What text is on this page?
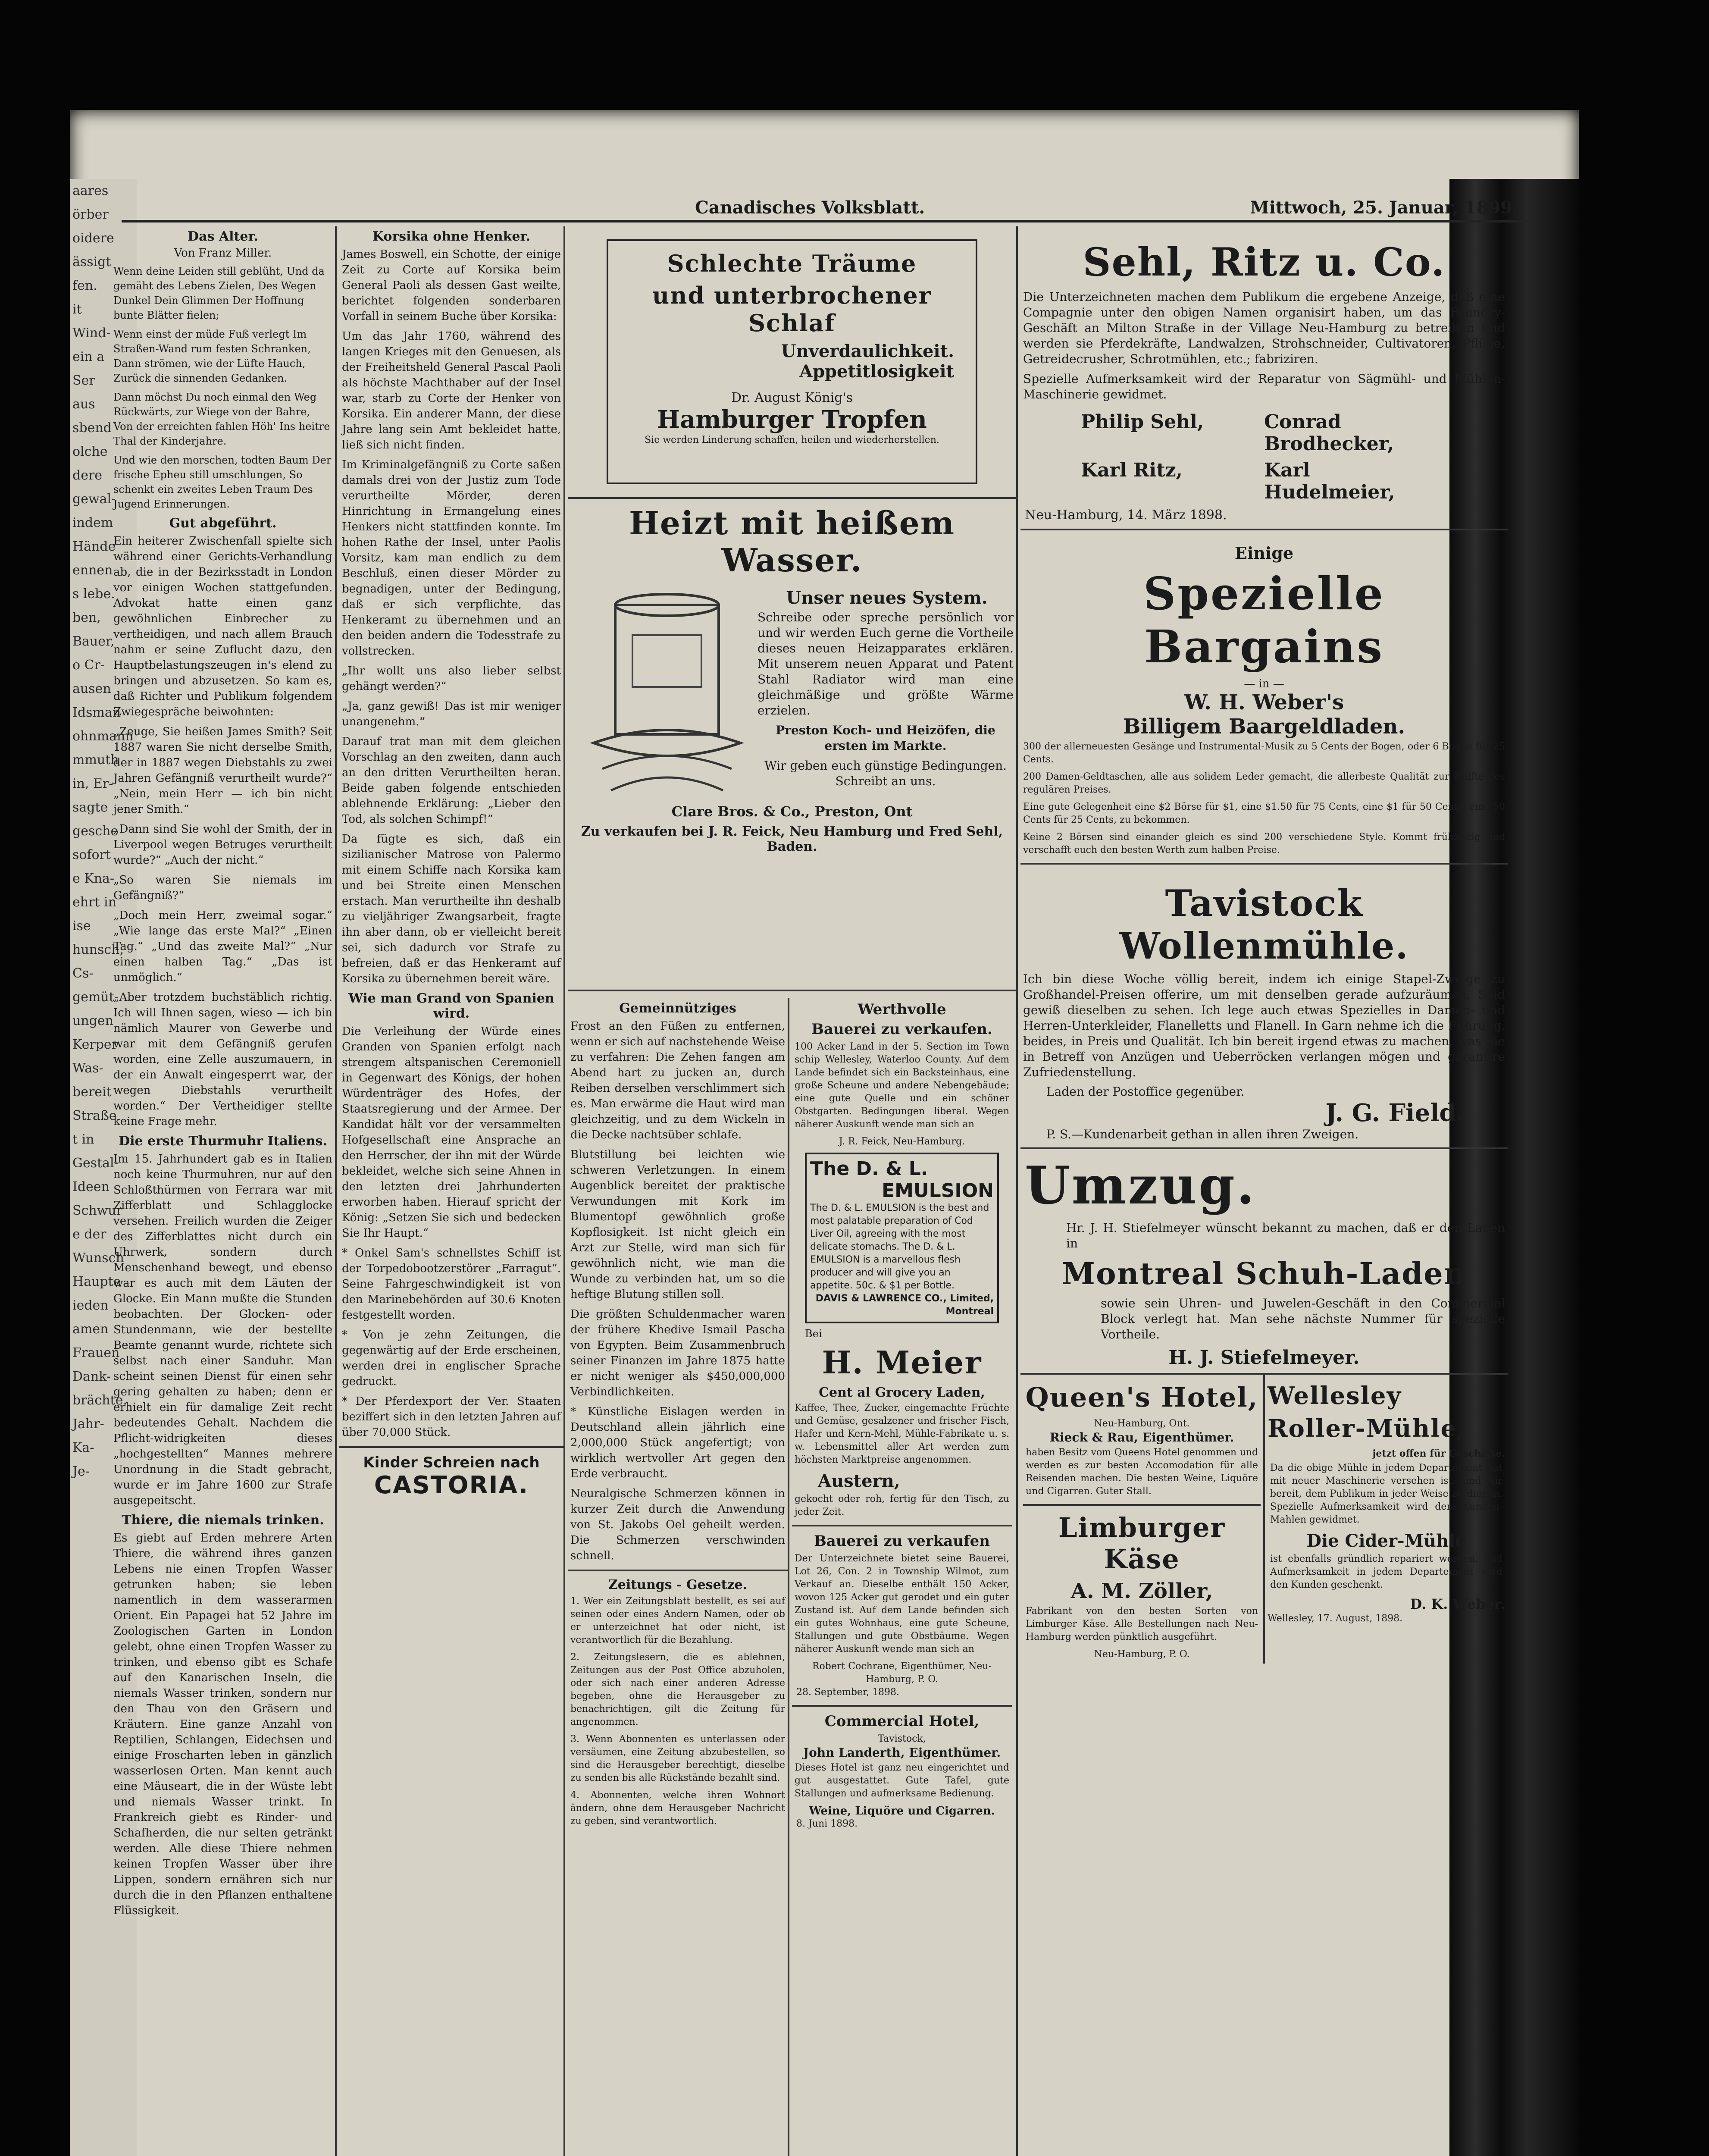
aares
örber
oidere
ässigt
fen.
it
Wind-
ein a
Ser
aus
sbend
olche
dere
gewal-
indem
Hände
ennen
s lebe.
ben,
Bauer,
o Cr-
ausen
Idsman
ohnmann
mmuth
in, Er-
sagte
gesche
sofort
e Kna-
ehrt in
ise
hunsch,
Cs-
gemüt-
ungen
Kerper
Was-
bereit
Straße
t in
Gestal-
Ideen
Schwur
e der
Wunsch
Haupte
ieden
amen
Frauen
Dank-
brächte.
Jahr-
Ka-
Je-
Canadisches Volksblatt.	Mittwoch, 25. Januar, 1899.
Das Alter.
Von Franz Miller.

Wenn deine Leiden still geblüht, Und da gemäht des Lebens Zielen, Des Wegen Dunkel Dein Glimmen Der Hoffnung bunte Blätter fielen;

Wenn einst der müde Fuß verlegt Im Straßen-Wand rum festen Schranken, Dann strömen, wie der Lüfte Hauch, Zurück die sinnenden Gedanken.

Dann möchst Du noch einmal den Weg Rückwärts, zur Wiege von der Bahre, Von der erreichten fahlen Höh' Ins heitre Thal der Kinderjahre.

Und wie den morschen, todten Baum Der frische Epheu still umschlungen, So schenkt ein zweites Leben Traum Des Jugend Erinnerungen.

Gut abgeführt.

Ein heiterer Zwischenfall spielte sich während einer Gerichts-Verhandlung ab, die in der Bezirksstadt in London vor einigen Wochen stattgefunden. Advokat hatte einen ganz gewöhnlichen Einbrecher zu vertheidigen, und nach allem Brauch nahm er seine Zuflucht dazu, den Hauptbelastungszeugen in's elend zu bringen und abzusetzen. So kam es, daß Richter und Publikum folgendem Zwiegespräche beiwohnten:

„Zeuge, Sie heißen James Smith? Seit 1887 waren Sie nicht derselbe Smith, der in 1887 wegen Diebstahls zu zwei Jahren Gefängniß verurtheilt wurde?“ „Nein, mein Herr — ich bin nicht jener Smith.“

„Dann sind Sie wohl der Smith, der in Liverpool wegen Betruges verurtheilt wurde?“ „Auch der nicht.“

„So waren Sie niemals im Gefängniß?“

„Doch mein Herr, zweimal sogar.“ „Wie lange das erste Mal?“ „Einen Tag.“ „Und das zweite Mal?“ „Nur einen halben Tag.“ „Das ist unmöglich.“

„Aber trotzdem buchstäblich richtig. Ich will Ihnen sagen, wieso — ich bin nämlich Maurer von Gewerbe und war mit dem Gefängniß gerufen worden, eine Zelle auszumauern, in der ein Anwalt eingesperrt war, der wegen Diebstahls verurtheilt worden.“ Der Vertheidiger stellte keine Frage mehr.

Die erste Thurmuhr Italiens.

Im 15. Jahrhundert gab es in Italien noch keine Thurmuhren, nur auf den Schloßthürmen von Ferrara war mit Zifferblatt und Schlagglocke versehen. Freilich wurden die Zeiger des Zifferblattes nicht durch ein Uhrwerk, sondern durch Menschenhand bewegt, und ebenso war es auch mit dem Läuten der Glocke. Ein Mann mußte die Stunden beobachten. Der Glocken- oder Stundenmann, wie der bestellte Beamte genannt wurde, richtete sich selbst nach einer Sanduhr. Man scheint seinen Dienst für einen sehr gering gehalten zu haben; denn er erhielt ein für damalige Zeit recht bedeutendes Gehalt. Nachdem die Pflicht-widrigkeiten dieses „hochgestellten“ Mannes mehrere Unordnung in die Stadt gebracht, wurde er im Jahre 1600 zur Strafe ausgepeitscht.

Thiere, die niemals trinken.

Es giebt auf Erden mehrere Arten Thiere, die während ihres ganzen Lebens nie einen Tropfen Wasser getrunken haben; sie leben namentlich in dem wasserarmen Orient. Ein Papagei hat 52 Jahre im Zoologischen Garten in London gelebt, ohne einen Tropfen Wasser zu trinken, und ebenso gibt es Schafe auf den Kanarischen Inseln, die niemals Wasser trinken, sondern nur den Thau von den Gräsern und Kräutern. Eine ganze Anzahl von Reptilien, Schlangen, Eidechsen und einige Froscharten leben in gänzlich wasserlosen Orten. Man kennt auch eine Mäuseart, die in der Wüste lebt und niemals Wasser trinkt. In Frankreich giebt es Rinder- und Schafherden, die nur selten getränkt werden. Alle diese Thiere nehmen keinen Tropfen Wasser über ihre Lippen, sondern ernähren sich nur durch die in den Pflanzen enthaltene Flüssigkeit.

Korsika ohne Henker.

James Boswell, ein Schotte, der einige Zeit zu Corte auf Korsika beim General Paoli als dessen Gast weilte, berichtet folgenden sonderbaren Vorfall in seinem Buche über Korsika:

Um das Jahr 1760, während des langen Krieges mit den Genuesen, als der Freiheitsheld General Pascal Paoli als höchste Machthaber auf der Insel war, starb zu Corte der Henker von Korsika. Ein anderer Mann, der diese Jahre lang sein Amt bekleidet hatte, ließ sich nicht finden.

Im Kriminalgefängniß zu Corte saßen damals drei von der Justiz zum Tode verurtheilte Mörder, deren Hinrichtung in Ermangelung eines Henkers nicht stattfinden konnte. Im hohen Rathe der Insel, unter Paolis Vorsitz, kam man endlich zu dem Beschluß, einen dieser Mörder zu begnadigen, unter der Bedingung, daß er sich verpflichte, das Henkeramt zu übernehmen und an den beiden andern die Todesstrafe zu vollstrecken.

„Ihr wollt uns also lieber selbst gehängt werden?“

„Ja, ganz gewiß! Das ist mir weniger unangenehm.“

Darauf trat man mit dem gleichen Vorschlag an den zweiten, dann auch an den dritten Verurtheilten heran. Beide gaben folgende entschieden ablehnende Erklärung: „Lieber den Tod, als solchen Schimpf!“

Da fügte es sich, daß ein sizilianischer Matrose von Palermo mit einem Schiffe nach Korsika kam und bei Streite einen Menschen erstach. Man verurtheilte ihn deshalb zu vieljähriger Zwangsarbeit, fragte ihn aber dann, ob er vielleicht bereit sei, sich dadurch vor Strafe zu befreien, daß er das Henkeramt auf Korsika zu übernehmen bereit wäre.

Wie man Grand von Spanien wird.

Die Verleihung der Würde eines Granden von Spanien erfolgt nach strengem altspanischen Ceremoniell in Gegenwart des Königs, der hohen Würdenträger des Hofes, der Staatsregierung und der Armee. Der Kandidat hält vor der versammelten Hofgesellschaft eine Ansprache an den Herrscher, der ihn mit der Würde bekleidet, welche sich seine Ahnen in den letzten drei Jahrhunderten erworben haben. Hierauf spricht der König: „Setzen Sie sich und bedecken Sie Ihr Haupt.“

* Onkel Sam's schnellstes Schiff ist der Torpedobootzerstörer „Farragut“. Seine Fahrgeschwindigkeit ist von den Marinebehörden auf 30.6 Knoten festgestellt worden.

* Von je zehn Zeitungen, die gegenwärtig auf der Erde erscheinen, werden drei in englischer Sprache gedruckt.

* Der Pferdexport der Ver. Staaten beziffert sich in den letzten Jahren auf über 70,000 Stück.

Kinder Schreien nach
CASTORIA.
Schlechte Träume
und unterbrochener Schlaf
Unverdaulichkeit.
Appetitlosigkeit
Dr. August König's
Hamburger Tropfen
Sie werden Linderung schaffen, heilen und wiederherstellen.
Heizt mit heißem Wasser.
Unser neues System.

Schreibe oder spreche persönlich vor und wir werden Euch gerne die Vortheile dieses neuen Heizapparates erklären. Mit unserem neuen Apparat und Patent Stahl Radiator wird man eine gleichmäßige und größte Wärme erzielen.

Preston Koch- und Heizöfen, die ersten im Markte.

Wir geben euch günstige Bedingungen. Schreibt an uns.

Clare Bros. & Co., Preston, Ont
Zu verkaufen bei J. R. Feick, Neu Hamburg und Fred Sehl, Baden.
Gemeinnütziges

Frost an den Füßen zu entfernen, wenn er sich auf nachstehende Weise zu verfahren: Die Zehen fangen am Abend hart zu jucken an, durch Reiben derselben verschlimmert sich es. Man erwärme die Haut wird man gleichzeitig, und zu dem Wickeln in die Decke nachtsüber schlafe.

Blutstillung bei leichten wie schweren Verletzungen. In einem Augenblick bereitet der praktische Verwundungen mit Kork im Blumentopf gewöhnlich große Kopflosigkeit. Ist nicht gleich ein Arzt zur Stelle, wird man sich für gewöhnlich nicht, wie man die Wunde zu verbinden hat, um so die heftige Blutung stillen soll.

Die größten Schuldenmacher waren der frühere Khedive Ismail Pascha von Egypten. Beim Zusammenbruch seiner Finanzen im Jahre 1875 hatte er nicht weniger als $450,000,000 Verbindlichkeiten.

* Künstliche Eislagen werden in Deutschland allein jährlich eine 2,000,000 Stück angefertigt; von wirklich wertvoller Art gegen den Erde verbraucht.

Neuralgische Schmerzen können in kurzer Zeit durch die Anwendung von St. Jakobs Oel geheilt werden. Die Schmerzen verschwinden schnell.

Zeitungs - Gesetze.

1. Wer ein Zeitungsblatt bestellt, es sei auf seinen oder eines Andern Namen, oder ob er unterzeichnet hat oder nicht, ist verantwortlich für die Bezahlung.

2. Zeitungslesern, die es ablehnen, Zeitungen aus der Post Office abzuholen, oder sich nach einer anderen Adresse begeben, ohne die Herausgeber zu benachrichtigen, gilt die Zeitung für angenommen.

3. Wenn Abonnenten es unterlassen oder versäumen, eine Zeitung abzubestellen, so sind die Herausgeber berechtigt, dieselbe zu senden bis alle Rückstände bezahlt sind.

4. Abonnenten, welche ihren Wohnort ändern, ohne dem Herausgeber Nachricht zu geben, sind verantwortlich.

Werthvolle
Bauerei zu verkaufen.

100 Acker Land in der 5. Section im Town schip Wellesley, Waterloo County. Auf dem Lande befindet sich ein Backsteinhaus, eine große Scheune und andere Nebengebäude; eine gute Quelle und ein schöner Obstgarten. Bedingungen liberal. Wegen näherer Auskunft wende man sich an

J. R. Feick, Neu-Hamburg.
The D. & L.
EMULSION
The D. & L. EMULSION is the best and most palatable preparation of Cod Liver Oil, agreeing with the most delicate stomachs. The D. & L. EMULSION is a marvellous flesh producer and will give you an appetite. 50c. & $1 per Bottle.
DAVIS & LAWRENCE CO., Limited, Montreal
Bei
H. Meier
Cent al Grocery Laden,

Kaffee, Thee, Zucker, eingemachte Früchte und Gemüse, gesalzener und frischer Fisch, Hafer und Kern-Mehl, Mühle-Fabrikate u. s. w. Lebensmittel aller Art werden zum höchsten Marktpreise angenommen.

Austern,

gekocht oder roh, fertig für den Tisch, zu jeder Zeit.

Bauerei zu verkaufen

Der Unterzeichnete bietet seine Bauerei, Lot 26, Con. 2 in Township Wilmot, zum Verkauf an. Dieselbe enthält 150 Acker, wovon 125 Acker gut gerodet und ein guter Zustand ist. Auf dem Lande befinden sich ein gutes Wohnhaus, eine gute Scheune, Stallungen und gute Obstbäume. Wegen näherer Auskunft wende man sich an

Robert Cochrane, Eigenthümer, Neu-Hamburg, P. O.
28. September, 1898.
Commercial Hotel,
Tavistock,
John Landerth, Eigenthümer.

Dieses Hotel ist ganz neu eingerichtet und gut ausgestattet. Gute Tafel, gute Stallungen und aufmerksame Bedienung.

Weine, Liquöre und Cigarren.
8. Juni 1898.
Sehl, Ritz u. Co.

Die Unterzeichneten machen dem Publikum die ergebene Anzeige, daß eine Compagnie unter den obigen Namen organisirt haben, um das Foundry-Geschäft an Milton Straße in der Village Neu-Hamburg zu betreiben und werden sie Pferdekräfte, Landwalzen, Strohschneider, Cultivatoren, Pflüge, Getreidecrusher, Schrotmühlen, etc.; fabriziren.

Spezielle Aufmerksamkeit wird der Reparatur von Sägmühl- und Mühlen-Maschinerie gewidmet.

Philip Sehl,	Conrad Brodhecker,
Karl Ritz,	Karl Hudelmeier,
Neu-Hamburg, 14. März 1898.
Einige
Spezielle Bargains
— in —
W. H. Weber's
Billigem Baargeldladen.

300 der allerneuesten Gesänge und Instrumental-Musik zu 5 Cents der Bogen, oder 6 Bogen für 25 Cents.

200 Damen-Geldtaschen, alle aus solidem Leder gemacht, die allerbeste Qualität zur Hälfte des regulären Preises.

Eine gute Gelegenheit eine $2 Börse für $1, eine $1.50 für 75 Cents, eine $1 für 50 Cents, eine 50 Cents für 25 Cents, zu bekommen.

Keine 2 Börsen sind einander gleich es sind 200 verschiedene Style. Kommt frühzeitig und verschafft euch den besten Werth zum halben Preise.

Tavistock Wollenmühle.

Ich bin diese Woche völlig bereit, indem ich einige Stapel-Zweige zu Großhandel-Preisen offerire, um mit denselben gerade aufzuräumen. Seid gewiß dieselben zu sehen. Ich lege auch etwas Spezielles in Damen- und Herren-Unterkleider, Flanelletts und Flanell. In Garn nehme ich die Führung, beides, in Preis und Qualität. Ich bin bereit irgend etwas zu machen, was Sie in Betreff von Anzügen und Ueberröcken verlangen mögen und garantire Zufriedenstellung.

Laden der Postoffice gegenüber.
J. G. Field.
P. S.—Kundenarbeit gethan in allen ihren Zweigen.
Umzug.

Hr. J. H. Stiefelmeyer wünscht bekannt zu machen, daß er den Laden in

Montreal Schuh-Laden

sowie sein Uhren- und Juwelen-Geschäft in den Commercial Block verlegt hat. Man sehe nächste Nummer für spezielle Vortheile.

H. J. Stiefelmeyer.
Queen's Hotel,
Neu-Hamburg, Ont.
Rieck & Rau, Eigenthümer.

haben Besitz vom Queens Hotel genommen und werden es zur besten Accomodation für alle Reisenden machen. Die besten Weine, Liquöre und Cigarren. Guter Stall.

Limburger Käse
A. M. Zöller,

Fabrikant von den besten Sorten von Limburger Käse. Alle Bestellungen nach Neu-Hamburg werden pünktlich ausgeführt.

Neu-Hamburg, P. O.
Wellesley
Roller-Mühle,
jetzt offen für Geschäfte.

Da die obige Mühle in jedem Departement gut mit neuer Maschinerie versehen ist, sind wir bereit, dem Publikum in jeder Weise zu dienen. Spezielle Aufmerksamkeit wird dem Kunden-Mahlen gewidmet.

Die Cider-Mühle

ist ebenfalls gründlich repariert worden, und Aufmerksamkeit in jedem Departement wird den Kunden geschenkt.

D. K. Weber.
Wellesley, 17. August, 1898.
